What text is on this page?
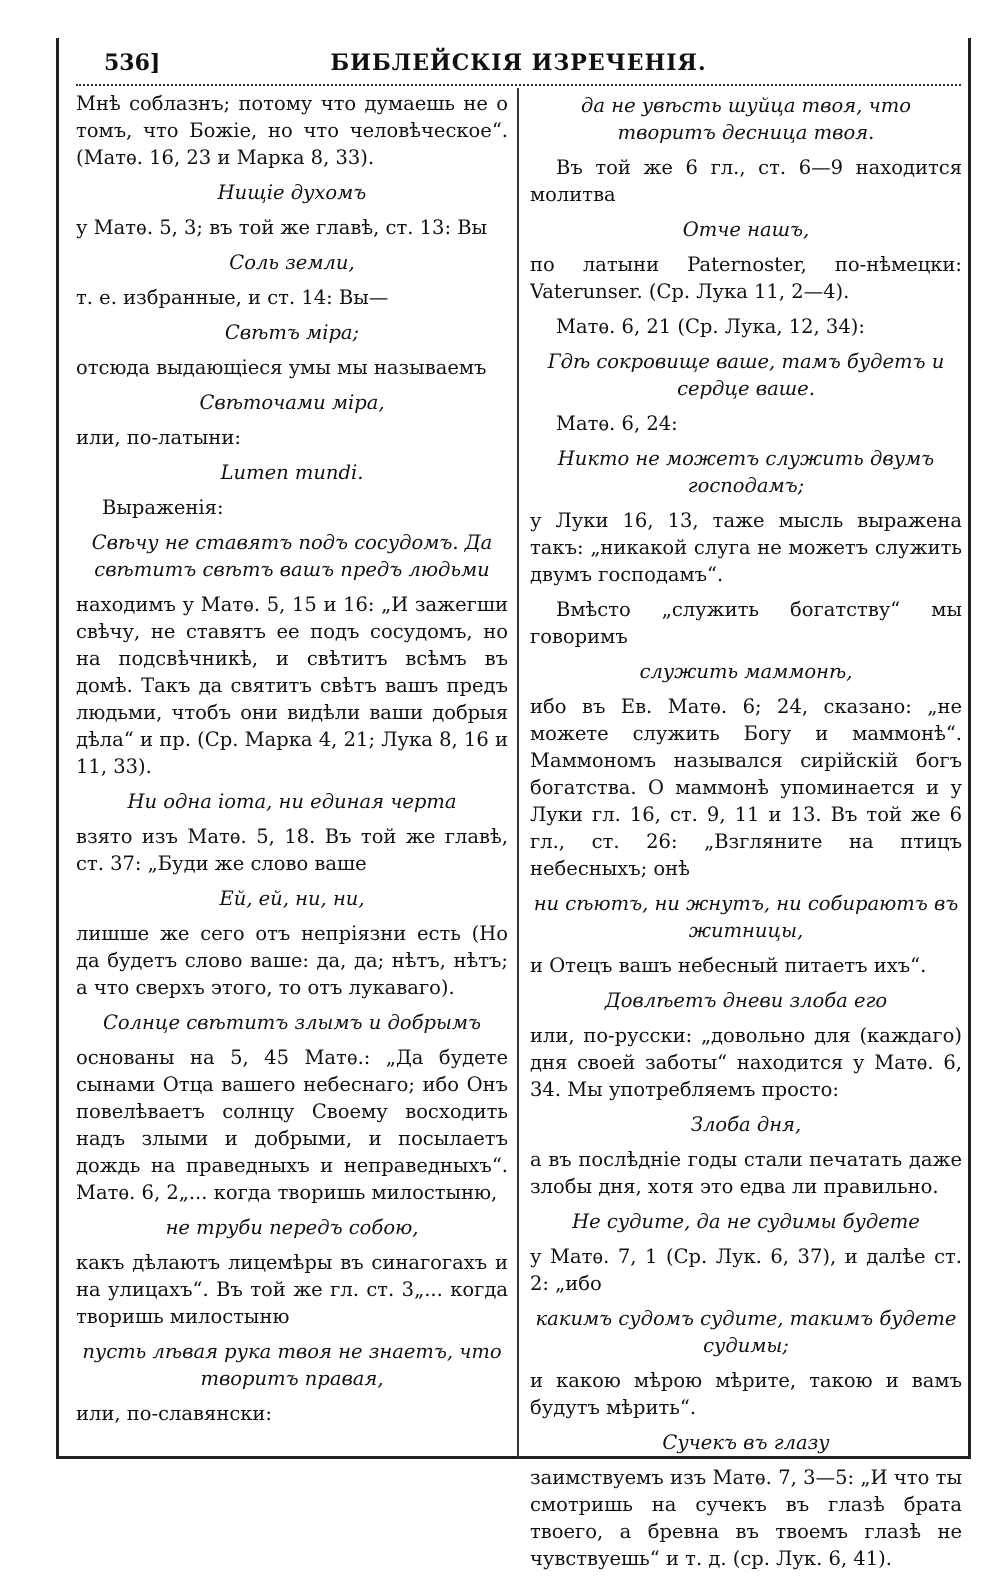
536]	БИБЛЕЙСКІЯ ИЗРЕЧЕНІЯ.

Мнѣ соблазнъ; потому что думаешь не о томъ, что Божіе, но что человѣческое“. (Матѳ. 16, 23 и Марка 8, 33).

Нищіе духомъ

у Матѳ. 5, 3; въ той же главѣ, ст. 13: Вы

Соль земли,

т. е. избранные, и ст. 14: Вы—

Свѣтъ міра;

отсюда выдающіеся умы мы называемъ

Свѣточами міра,

или, по-латыни:

Lumen mundi.

Выраженія:

Свѣчу не ставятъ подъ сосудомъ. Да свѣтитъ свѣтъ вашъ предъ людьми

находимъ у Матѳ. 5, 15 и 16: „И зажегши свѣчу, не ставятъ ее подъ сосудомъ, но на подсвѣчникѣ, и свѣтитъ всѣмъ въ домѣ. Такъ да святитъ свѣтъ вашъ предъ людьми, чтобъ они видѣли ваши добрыя дѣла“ и пр. (Ср. Марка 4, 21; Лука 8, 16 и 11, 33).

Ни одна іота, ни единая черта

взято изъ Матѳ. 5, 18. Въ той же главѣ, ст. 37: „Буди же слово ваше

Ей, ей, ни, ни,

лишше же сего отъ непріязни есть (Но да будетъ слово ваше: да, да; нѣтъ, нѣтъ; а что сверхъ этого, то отъ лукаваго).

Солнце свѣтитъ злымъ и добрымъ

основаны на 5, 45 Матѳ.: „Да будете сынами Отца вашего небеснаго; ибо Онъ повелѣваетъ солнцу Своему восходить надъ злыми и добрыми, и посылаетъ дождь на праведныхъ и неправедныхъ“. Матѳ. 6, 2„... когда творишь милостыню,

не труби передъ собою,

какъ дѣлаютъ лицемѣры въ синагогахъ и на улицахъ“. Въ той же гл. ст. 3„... когда творишь милостыню

пусть лѣвая рука твоя не знаетъ, что творитъ правая,

или, по-славянски:

да не увѣсть шуйца твоя, что творитъ десница твоя.

Въ той же 6 гл., ст. 6—9 находится молитва

Отче нашъ,

по латыни Paternoster, по-нѣмецки: Vaterunser. (Ср. Лука 11, 2—4).

Матѳ. 6, 21 (Ср. Лука, 12, 34):

Гдѣ сокровище ваше, тамъ будетъ и сердце ваше.

Матѳ. 6, 24:

Никто не можетъ служить двумъ господамъ;

у Луки 16, 13, таже мысль выражена такъ: „никакой слуга не можетъ служить двумъ господамъ“.

Вмѣсто „служить богатству“ мы говоримъ

служить маммонѣ,

ибо въ Ев. Матѳ. 6; 24, сказано: „не можете служить Богу и маммонѣ“. Маммономъ назывался сирійскій богъ богатства. О маммонѣ упоминается и у Луки гл. 16, ст. 9, 11 и 13. Въ той же 6 гл., ст. 26: „Взгляните на птицъ небесныхъ; онѣ

ни сѣютъ, ни жнутъ, ни собираютъ въ житницы,

и Отецъ вашъ небесный питаетъ ихъ“.

Довлѣетъ дневи злоба его

или, по-русски: „довольно для (каждаго) дня своей заботы“ находится у Матѳ. 6, 34. Мы употребляемъ просто:

Злоба дня,

а въ послѣдніе годы стали печатать даже злобы дня, хотя это едва ли правильно.

Не судите, да не судимы будете

у Матѳ. 7, 1 (Ср. Лук. 6, 37), и далѣе ст. 2: „ибо

какимъ судомъ судите, такимъ будете судимы;

и какою мѣрою мѣрите, такою и вамъ будутъ мѣрить“.

Сучекъ въ глазу

заимствуемъ изъ Матѳ. 7, 3—5: „И что ты смотришь на сучекъ въ глазѣ брата твоего, а бревна въ твоемъ глазѣ не чувствуешь“ и т. д. (ср. Лук. 6, 41).
